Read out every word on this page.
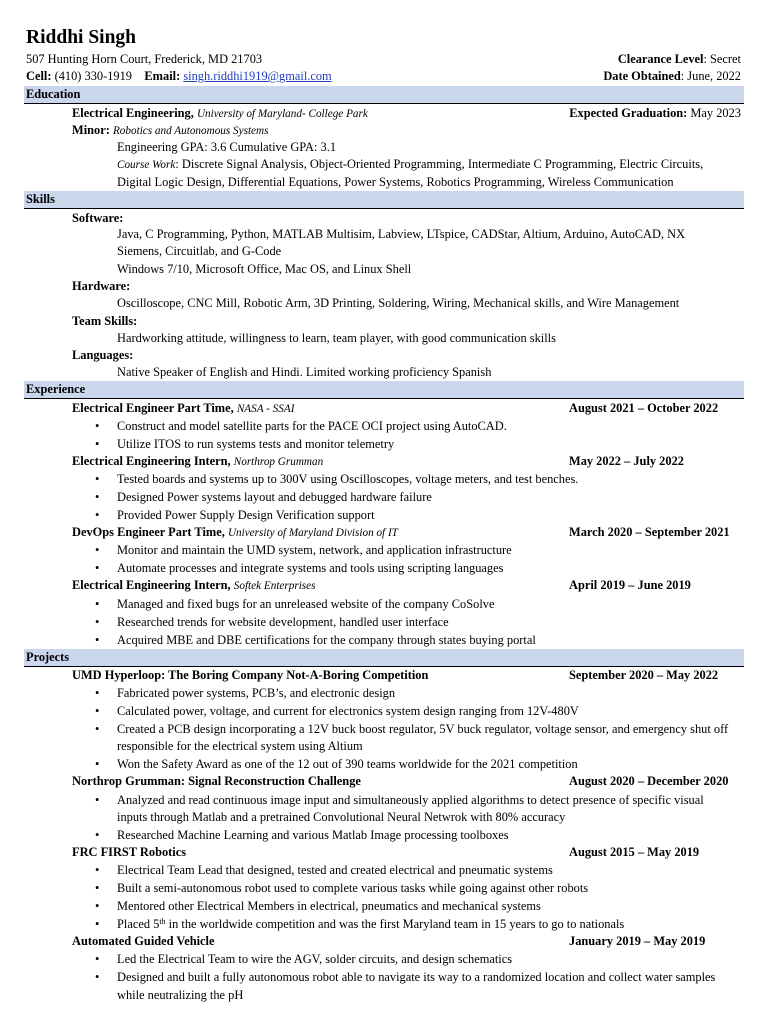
Riddhi Singh
507 Hunting Horn Court, Frederick, MD 21703	Clearance Level: Secret
Cell: (410) 330-1919 Email: singh.riddhi1919@gmail.com	Date Obtained: June, 2022
Education
Electrical Engineering, University of Maryland- College Park	Expected Graduation: May 2023
Minor: Robotics and Autonomous Systems
Engineering GPA: 3.6 Cumulative GPA: 3.1
Course Work: Discrete Signal Analysis, Object-Oriented Programming, Intermediate C Programming, Electric Circuits,
Digital Logic Design, Differential Equations, Power Systems, Robotics Programming, Wireless Communication
Skills
Software:
Java, C Programming, Python, MATLAB Multisim, Labview, LTspice, CADStar, Altium, Arduino, AutoCAD, NX
Siemens, Circuitlab, and G-Code
Windows 7/10, Microsoft Office, Mac OS, and Linux Shell
Hardware:
Oscilloscope, CNC Mill, Robotic Arm, 3D Printing, Soldering, Wiring, Mechanical skills, and Wire Management
Team Skills:
Hardworking attitude, willingness to learn, team player, with good communication skills
Languages:
Native Speaker of English and Hindi. Limited working proficiency Spanish
Experience
Electrical Engineer Part Time, NASA - SSAI	August 2021 – October 2022
• Construct and model satellite parts for the PACE OCI project using AutoCAD.
• Utilize ITOS to run systems tests and monitor telemetry
Electrical Engineering Intern, Northrop Grumman	May 2022 – July 2022
• Tested boards and systems up to 300V using Oscilloscopes, voltage meters, and test benches.
• Designed Power systems layout and debugged hardware failure
• Provided Power Supply Design Verification support
DevOps Engineer Part Time, University of Maryland Division of IT	March 2020 – September 2021
• Monitor and maintain the UMD system, network, and application infrastructure
• Automate processes and integrate systems and tools using scripting languages
Electrical Engineering Intern, Softek Enterprises	April 2019 – June 2019
• Managed and fixed bugs for an unreleased website of the company CoSolve
• Researched trends for website development, handled user interface
• Acquired MBE and DBE certifications for the company through states buying portal
Projects
UMD Hyperloop: The Boring Company Not-A-Boring Competition	September 2020 – May 2022
• Fabricated power systems, PCB’s, and electronic design
• Calculated power, voltage, and current for electronics system design ranging from 12V-480V
• Created a PCB design incorporating a 12V buck boost regulator, 5V buck regulator, voltage sensor, and emergency shut off
responsible for the electrical system using Altium
• Won the Safety Award as one of the 12 out of 390 teams worldwide for the 2021 competition
Northrop Grumman: Signal Reconstruction Challenge	August 2020 – December 2020
• Analyzed and read continuous image input and simultaneously applied algorithms to detect presence of specific visual
inputs through Matlab and a pretrained Convolutional Neural Netwrok with 80% accuracy
• Researched Machine Learning and various Matlab Image processing toolboxes
FRC FIRST Robotics	August 2015 – May 2019
• Electrical Team Lead that designed, tested and created electrical and pneumatic systems
• Built a semi-autonomous robot used to complete various tasks while going against other robots
• Mentored other Electrical Members in electrical, pneumatics and mechanical systems
• Placed 5th in the worldwide competition and was the first Maryland team in 15 years to go to nationals
Automated Guided Vehicle	January 2019 – May 2019
• Led the Electrical Team to wire the AGV, solder circuits, and design schematics
• Designed and built a fully autonomous robot able to navigate its way to a randomized location and collect water samples
while neutralizing the pH
